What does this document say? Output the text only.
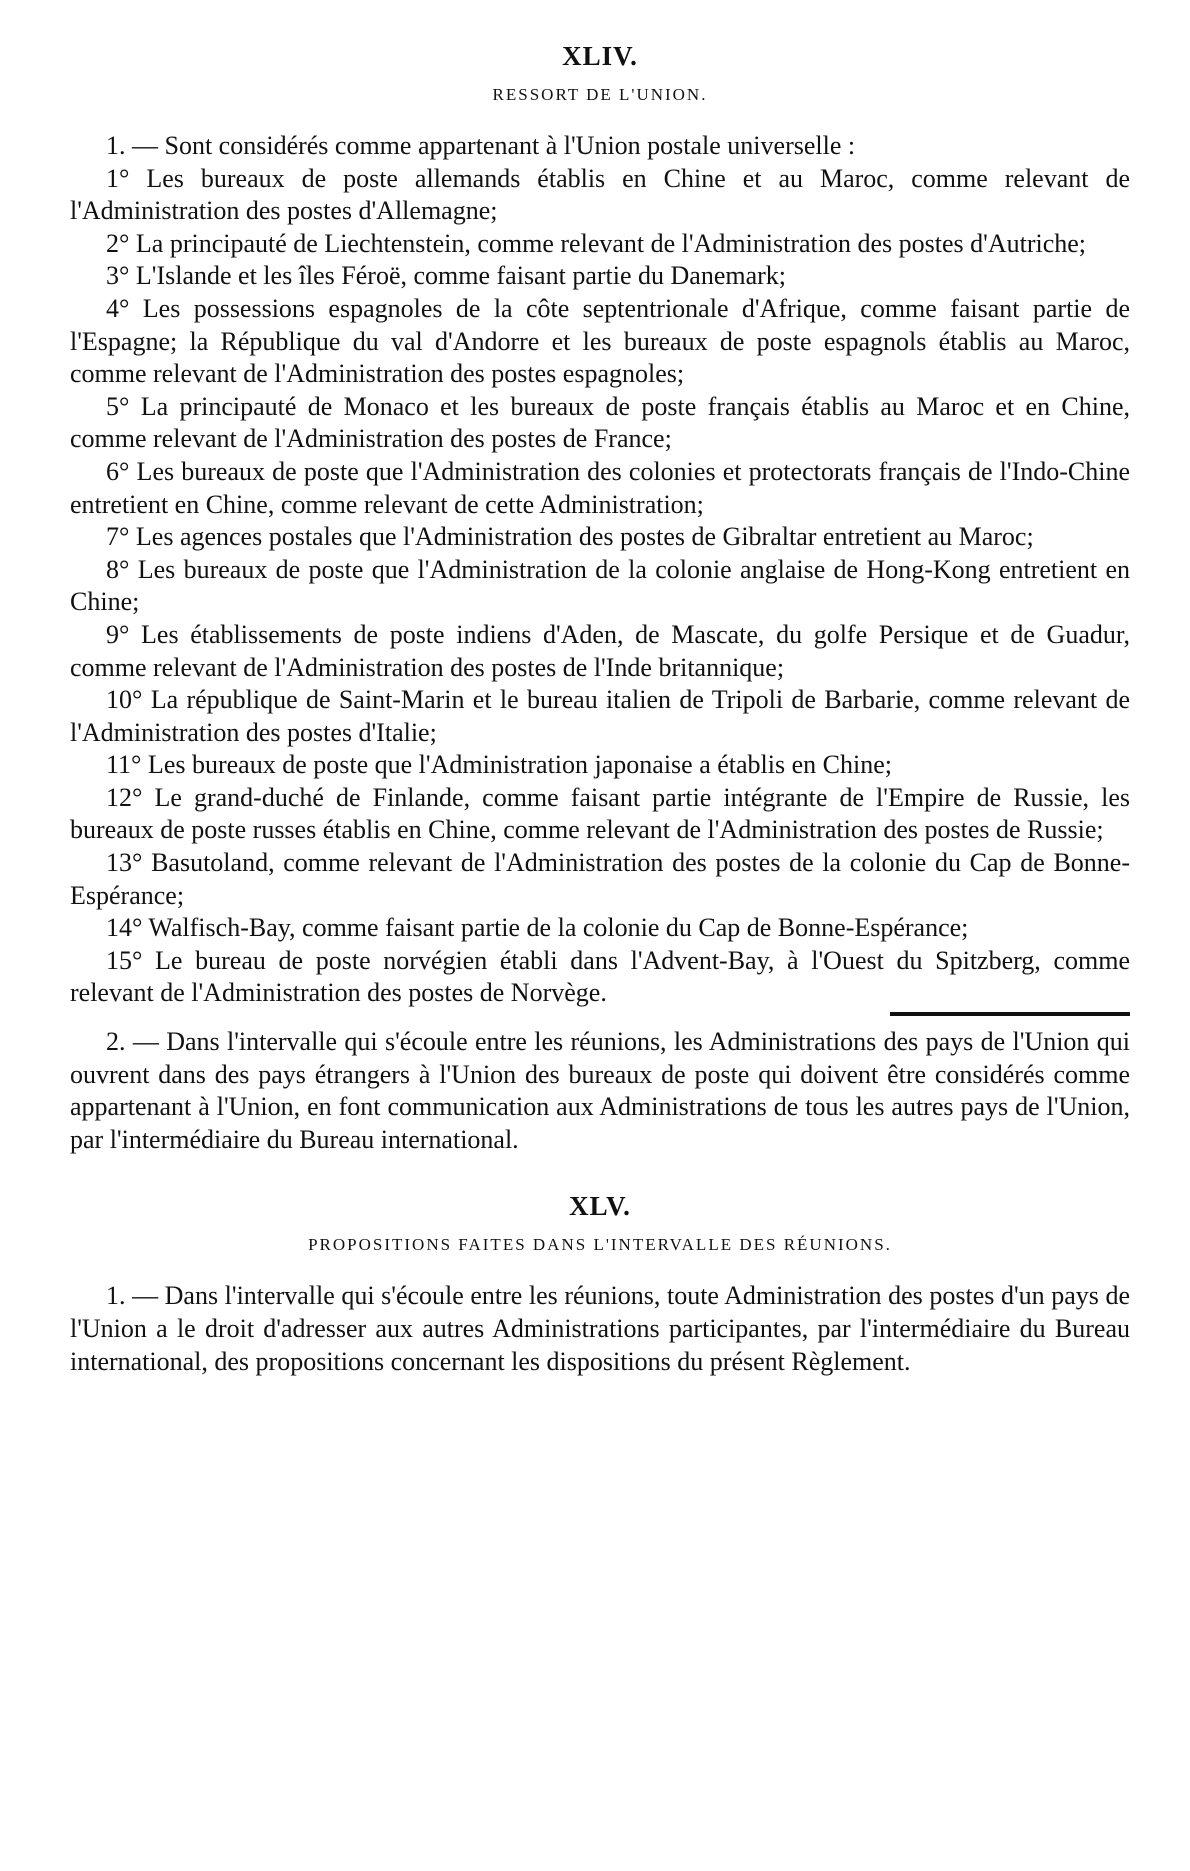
XLIV.
RESSORT DE L'UNION.

1. — Sont considérés comme appartenant à l'Union postale universelle :

1° Les bureaux de poste allemands établis en Chine et au Maroc, comme relevant de l'Administration des postes d'Allemagne;

2° La principauté de Liechtenstein, comme relevant de l'Administration des postes d'Autriche;

3° L'Islande et les îles Féroë, comme faisant partie du Danemark;

4° Les possessions espagnoles de la côte septentrionale d'Afrique, comme faisant partie de l'Espagne; la République du val d'Andorre et les bureaux de poste espagnols établis au Maroc, comme relevant de l'Administration des postes espagnoles;

5° La principauté de Monaco et les bureaux de poste français établis au Maroc et en Chine, comme relevant de l'Administration des postes de France;

6° Les bureaux de poste que l'Administration des colonies et protectorats français de l'Indo-Chine entretient en Chine, comme relevant de cette Administration;

7° Les agences postales que l'Administration des postes de Gibraltar entretient au Maroc;

8° Les bureaux de poste que l'Administration de la colonie anglaise de Hong-Kong entretient en Chine;

9° Les établissements de poste indiens d'Aden, de Mascate, du golfe Persique et de Guadur, comme relevant de l'Administration des postes de l'Inde britannique;

10° La république de Saint-Marin et le bureau italien de Tripoli de Barbarie, comme relevant de l'Administration des postes d'Italie;

11° Les bureaux de poste que l'Administration japonaise a établis en Chine;

12° Le grand-duché de Finlande, comme faisant partie intégrante de l'Empire de Russie, les bureaux de poste russes établis en Chine, comme relevant de l'Administration des postes de Russie;

13° Basutoland, comme relevant de l'Administration des postes de la colonie du Cap de Bonne-Espérance;

14° Walfisch-Bay, comme faisant partie de la colonie du Cap de Bonne-Espérance;

15° Le bureau de poste norvégien établi dans l'Advent-Bay, à l'Ouest du Spitzberg, comme relevant de l'Administration des postes de Norvège.

2. — Dans l'intervalle qui s'écoule entre les réunions, les Administrations des pays de l'Union qui ouvrent dans des pays étrangers à l'Union des bureaux de poste qui doivent être considérés comme appartenant à l'Union, en font communication aux Administrations de tous les autres pays de l'Union, par l'intermédiaire du Bureau international.

XLV.
PROPOSITIONS FAITES DANS L'INTERVALLE DES RÉUNIONS.

1. — Dans l'intervalle qui s'écoule entre les réunions, toute Administration des postes d'un pays de l'Union a le droit d'adresser aux autres Administrations participantes, par l'intermédiaire du Bureau international, des propositions concernant les dispositions du présent Règlement.
